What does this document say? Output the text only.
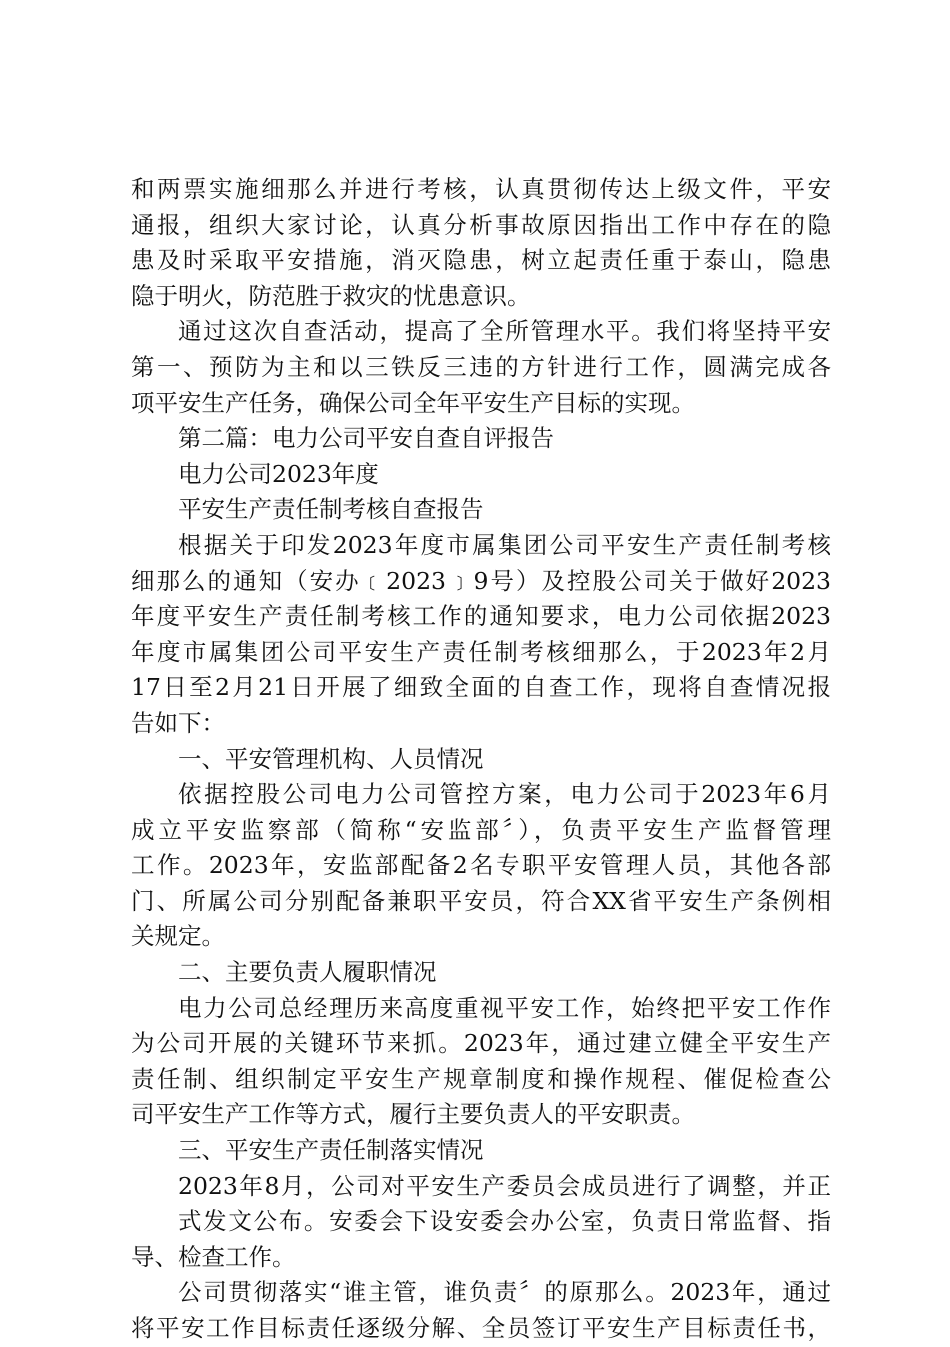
和两票实施细那么并进行考核，认真贯彻传达上级文件，平安
通报，组织大家讨论，认真分析事故原因指出工作中存在的隐
患及时采取平安措施，消灭隐患，树立起责任重于泰山，隐患
隐于明火，防范胜于救灾的忧患意识。
通过这次自查活动，提高了全所管理水平。我们将坚持平安
第一、预防为主和以三铁反三违的方针进行工作，圆满完成各
项平安生产任务，确保公司全年平安生产目标的实现。
第二篇：电力公司平安自查自评报告
电力公司2023年度
平安生产责任制考核自查报告
根据关于印发2023年度市属集团公司平安生产责任制考核
细那么的通知（安办﹝2023﹞9号）及控股公司关于做好2023
年度平安生产责任制考核工作的通知要求，电力公司依据2023
年度市属集团公司平安生产责任制考核细那么，于2023年2月
17日至2月21日开展了细致全面的自查工作，现将自查情况报
告如下：
一、平安管理机构、人员情况
依据控股公司电力公司管控方案，电力公司于2023年6月
成立平安监察部（简称“安监部〞），负责平安生产监督管理
工作。2023年，安监部配备2名专职平安管理人员，其他各部
门、所属公司分别配备兼职平安员，符合XX省平安生产条例相
关规定。
二、主要负责人履职情况
电力公司总经理历来高度重视平安工作，始终把平安工作作
为公司开展的关键环节来抓。2023年，通过建立健全平安生产
责任制、组织制定平安生产规章制度和操作规程、催促检查公
司平安生产工作等方式，履行主要负责人的平安职责。
三、平安生产责任制落实情况
2023年8月，公司对平安生产委员会成员进行了调整，并正
式发文公布。安委会下设安委会办公室，负责日常监督、指
导、检查工作。
公司贯彻落实“谁主管，谁负责〞的原那么。2023年，通过
将平安工作目标责任逐级分解、全员签订平安生产目标责任书，
